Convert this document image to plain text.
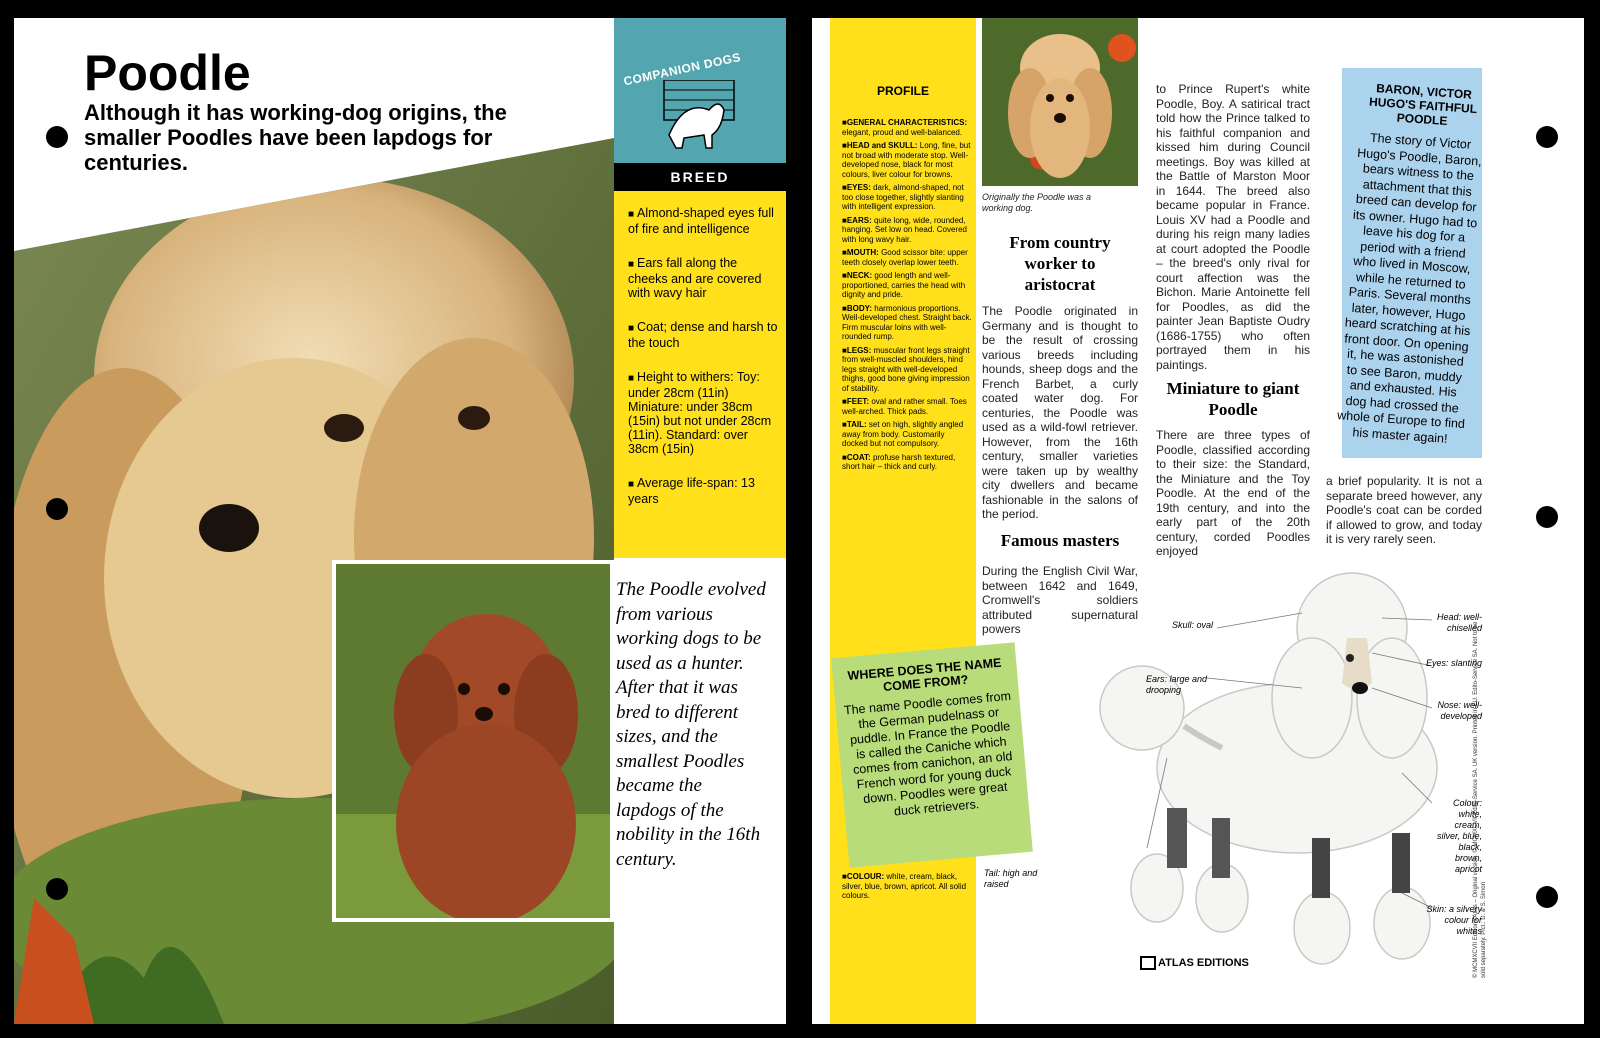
Poodle
Although it has working-dog origins, the smaller Poodles have been lapdogs for centuries.
COMPANION DOGS
BREED
■ Almond-shaped eyes full of fire and intelligence
■ Ears fall along the cheeks and are covered with wavy hair
■ Coat; dense and harsh to the touch
■ Height to withers: Toy: under 28cm (11in) Miniature: under 38cm (15in) but not under 28cm (11in). Standard: over 38cm (15in)
■ Average life-span: 13 years
The Poodle evolved from various working dogs to be used as a hunter. After that it was bred to different sizes, and the smallest Poodles became the lapdogs of the nobility in the 16th century.
PROFILE
■ GENERAL CHARACTERISTICS: elegant, proud and well-balanced.
■ HEAD and SKULL: Long, fine, but not broad with moderate stop. Well-developed nose, black for most colours, liver colour for browns.
■ EYES: dark, almond-shaped, not too close together, slightly slanting with intelligent expression.
■ EARS: quite long, wide, rounded, hanging. Set low on head. Covered with long wavy hair.
■ MOUTH: Good scissor bite: upper teeth closely overlap lower teeth.
■ NECK: good length and well-proportioned, carries the head with dignity and pride.
■ BODY: harmonious proportions. Well-developed chest. Straight back. Firm muscular loins with well-rounded rump.
■ LEGS: muscular front legs straight from well-muscled shoulders, hind legs straight with well-developed thighs, good bone giving impression of stability.
■ FEET: oval and rather small. Toes well-arched. Thick pads.
■ TAIL: set on high, slightly angled away from body. Customarily docked but not compulsory.
■ COAT: profuse harsh textured, short hair – thick and curly.
■ COLOUR: white, cream, black, silver, blue, brown, apricot. All solid colours.
Originally the Poodle was a working dog.
From country worker to aristocrat
The Poodle originated in Germany and is thought to be the result of crossing various breeds including hounds, sheep dogs and the French Barbet, a curly coated water dog. For centuries, the Poodle was used as a wild-fowl retriever. However, from the 16th century, smaller varieties were taken up by wealthy city dwellers and became fashionable in the salons of the period.
Famous masters
During the English Civil War, between 1642 and 1649, Cromwell's soldiers attributed supernatural powers
to Prince Rupert's white Poodle, Boy. A satirical tract told how the Prince talked to his faithful companion and kissed him during Council meetings. Boy was killed at the Battle of Marston Moor in 1644. The breed also became popular in France. Louis XV had a Poodle and during his reign many ladies at court adopted the Poodle – the breed's only rival for court affection was the Bichon. Marie Antoinette fell for Poodles, as did the painter Jean Baptiste Oudry (1686-1755) who often portrayed them in his paintings.
Miniature to giant Poodle
There are three types of Poodle, classified according to their size: the Standard, the Miniature and the Toy Poodle. At the end of the 19th century, and into the early part of the 20th century, corded Poodles enjoyed
a brief popularity. It is not a separate breed however, any Poodle's coat can be corded if allowed to grow, and today it is very rarely seen.
BARON, VICTOR HUGO'S FAITHFUL POODLE
The story of Victor Hugo's Poodle, Baron, bears witness to the attachment that this breed can develop for its owner. Hugo had to leave his dog for a period with a friend who lived in Moscow, while he returned to Paris. Several months later, however, Hugo heard scratching at his front door. On opening it, he was astonished to see Baron, muddy and exhausted. His dog had crossed the whole of Europe to find his master again!
WHERE DOES THE NAME COME FROM?
The name Poodle comes from the German pudelnass or puddle. In France the Poodle is called the Caniche which comes from canichon, an old French word for young duck down. Poodles were great duck retrievers.
Skull: oval
Ears: large and drooping
Tail: high and raised
Head: well-chiselled
Eyes: slanting
Nose: well-developed
Colour: white, cream, silver, blue, black, brown, apricot
Skin: a silvery colour for whites
ATLAS EDITIONS	© MCMXCVII Editions Atlas – Original version. © MCMXCVII Edito-Service SA. UK version. Printed in EU. Edito-Service SA. Not to be sold separately. Pict.: D. & S. Simon
